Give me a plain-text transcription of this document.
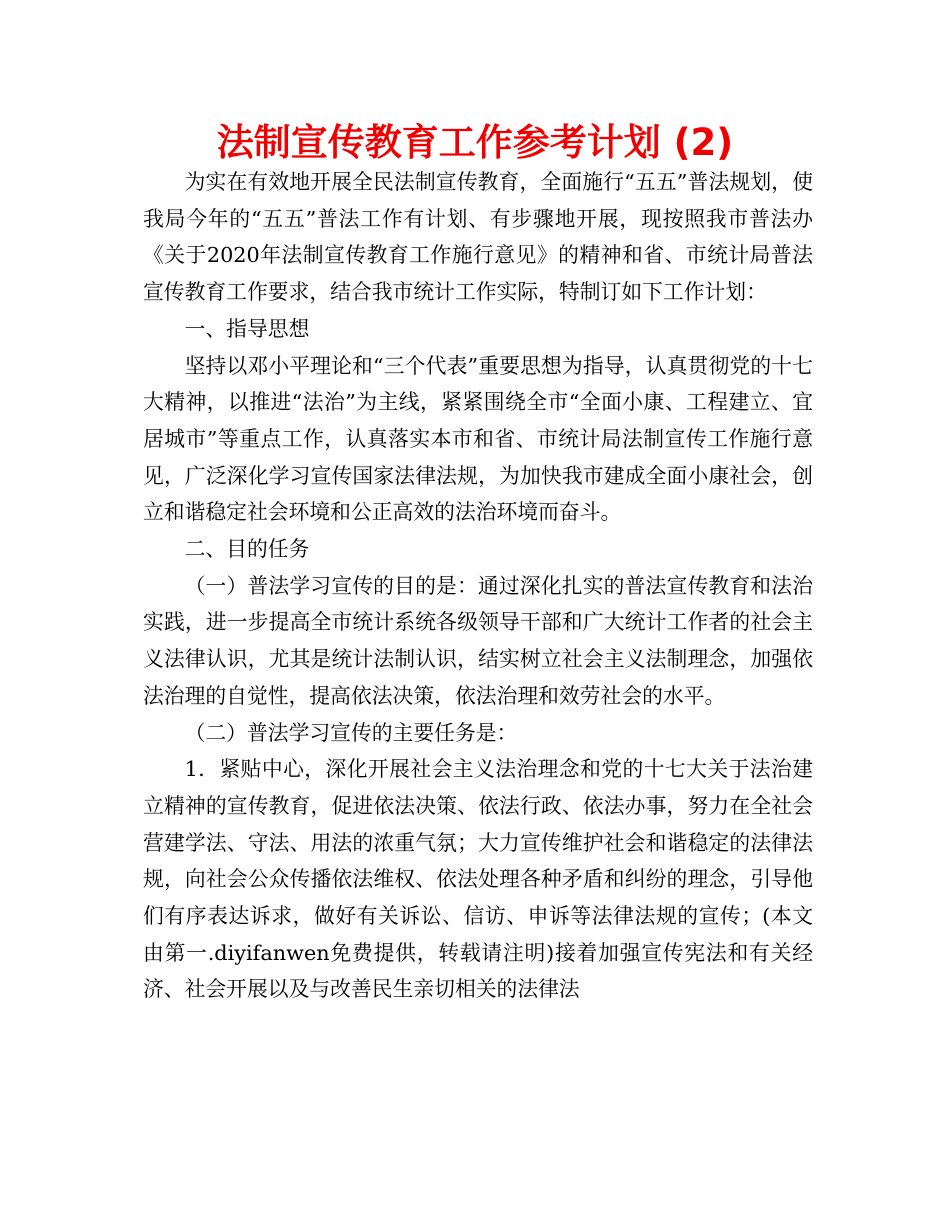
法制宣传教育工作参考计划 (2)

为实在有效地开展全民法制宣传教育，全面施行“五五”普法规划，使我局今年的“五五”普法工作有计划、有步骤地开展，现按照我市普法办《关于2020年法制宣传教育工作施行意见》的精神和省、市统计局普法宣传教育工作要求，结合我市统计工作实际，特制订如下工作计划：

一、指导思想

坚持以邓小平理论和“三个代表”重要思想为指导，认真贯彻党的十七大精神，以推进“法治”为主线，紧紧围绕全市“全面小康、工程建立、宜居城市”等重点工作，认真落实本市和省、市统计局法制宣传工作施行意见，广泛深化学习宣传国家法律法规，为加快我市建成全面小康社会，创立和谐稳定社会环境和公正高效的法治环境而奋斗。

二、目的任务

（一）普法学习宣传的目的是：通过深化扎实的普法宣传教育和法治实践，进一步提高全市统计系统各级领导干部和广大统计工作者的社会主义法律认识，尤其是统计法制认识，结实树立社会主义法制理念，加强依法治理的自觉性，提高依法决策，依法治理和效劳社会的水平。

（二）普法学习宣传的主要任务是：

1．紧贴中心，深化开展社会主义法治理念和党的十七大关于法治建立精神的宣传教育，促进依法决策、依法行政、依法办事，努力在全社会营建学法、守法、用法的浓重气氛；大力宣传维护社会和谐稳定的法律法规，向社会公众传播依法维权、依法处理各种矛盾和纠纷的理念，引导他们有序表达诉求，做好有关诉讼、信访、申诉等法律法规的宣传；(本文由第一.diyifanwen免费提供，转载请注明)接着加强宣传宪法和有关经济、社会开展以及与改善民生亲切相关的法律法
